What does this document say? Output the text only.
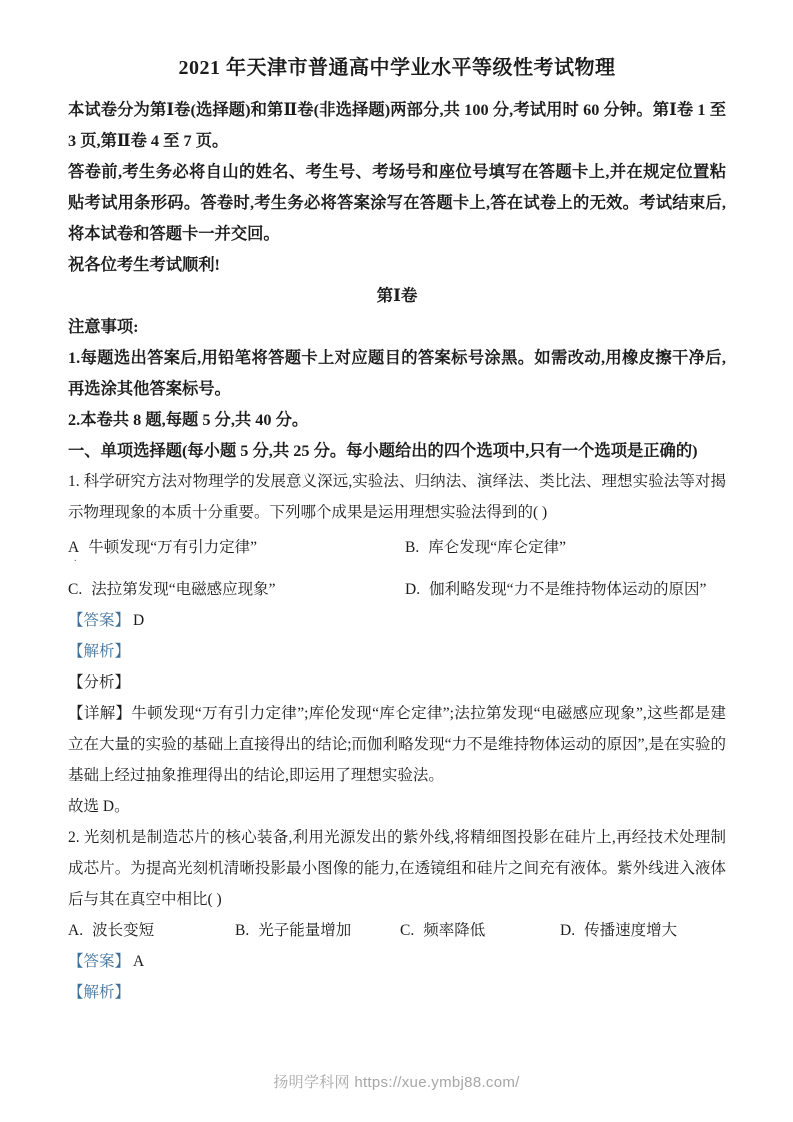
2021 年天津市普通高中学业水平等级性考试物理

本试卷分为第Ⅰ卷(选择题)和第Ⅱ卷(非选择题)两部分,共 100 分,考试用时 60 分钟。第Ⅰ卷 1 至 3 页,第Ⅱ卷 4 至 7 页。

答卷前,考生务必将自山的姓名、考生号、考场号和座位号填写在答题卡上,并在规定位置粘贴考试用条形码。答卷时,考生务必将答案涂写在答题卡上,答在试卷上的无效。考试结束后,将本试卷和答题卡一并交回。

祝各位考生考试顺利!

第Ⅰ卷

注意事项:

1.每题选出答案后,用铅笔将答题卡上对应题目的答案标号涂黑。如需改动,用橡皮擦干净后,再选涂其他答案标号。

2.本卷共 8 题,每题 5 分,共 40 分。

一、单项选择题(每小题 5 分,共 25 分。每小题给出的四个选项中,只有一个选项是正确的)

1. 科学研究方法对物理学的发展意义深远,实验法、归纳法、演绎法、类比法、理想实验法等对揭示物理现象的本质十分重要。下列哪个成果是运用理想实验法得到的( )

A 牛顿发现“万有引力定律”
.
B. 库仑发现“库仑定律”
C. 法拉第发现“电磁感应现象”	D. 伽利略发现“力不是维持物体运动的原因”

【答案】 D

【解析】

【分析】

【详解】牛顿发现“万有引力定律”;库伦发现“库仑定律”;法拉第发现“电磁感应现象”,这些都是建立在大量的实验的基础上直接得出的结论;而伽利略发现“力不是维持物体运动的原因”,是在实验的基础上经过抽象推理得出的结论,即运用了理想实验法。

故选 D。

2. 光刻机是制造芯片的核心装备,利用光源发出的紫外线,将精细图投影在硅片上,再经技术处理制成芯片。为提高光刻机清晰投影最小图像的能力,在透镜组和硅片之间充有液体。紫外线进入液体后与其在真空中相比( )

A. 波长变短	B. 光子能量增加	C. 频率降低	D. 传播速度增大

【答案】 A

【解析】

扬明学科网 https://xue.ymbj88.com/
